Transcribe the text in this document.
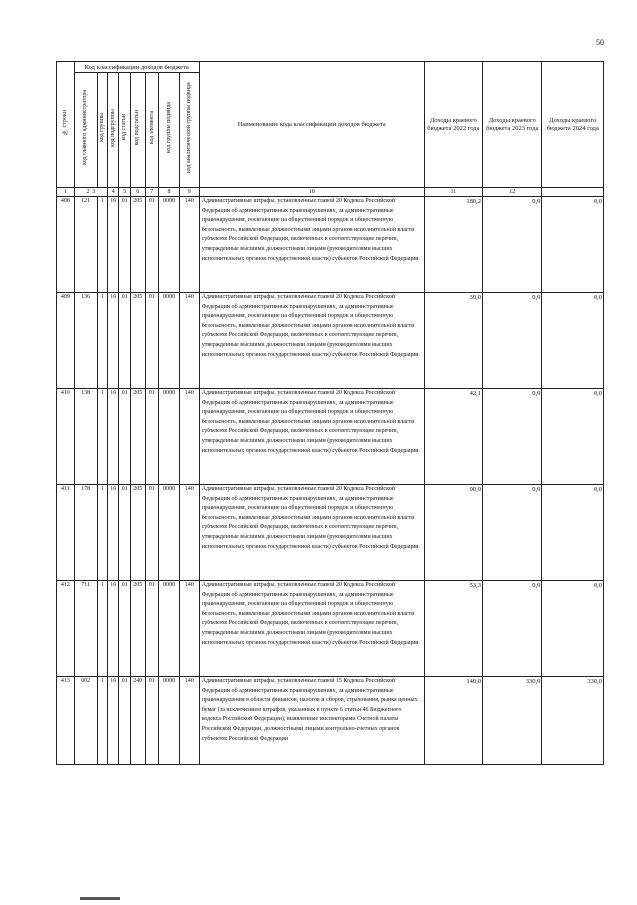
50
№ строки	Код классификации доходов бюджета								Наименование кода классификации доходов бюджета	Доходы краевого бюджета 2022 года	Доходы краевого бюджета 2023 года	Доходы краевого бюджета 2024 года
	код главного администратора	код группы	код подгруппы	код статьи	код подстатьи	код элемента	код группы подвида	код аналитической группы подвида				
1	2 3		4	5	6	7	8	9	10	11	12	
408	121	1	16	01	205	01	0000	140	Административные штрафы, установленные главой 20 Кодекса Российской Федерации об административных правонарушениях, за административные правонарушения, посягающие на общественный порядок и общественную безопасность, выявленные должностными лицами органов исполнительной власти субъектов Российской Федерации, включенных в соответствующие перечни, утвержденные высшими должностными лицами (руководителями высших исполнительных органов государственной власти) субъектов Российской Федерации	180,2	0,0	0,0
409	136	1	16	01	205	01	0000	140	Административные штрафы, установленные главой 20 Кодекса Российской Федерации об административных правонарушениях, за административные правонарушения, посягающие на общественный порядок и общественную безопасность, выявленные должностными лицами органов исполнительной власти субъектов Российской Федерации, включенных в соответствующие перечни, утвержденные высшими должностными лицами (руководителями высших исполнительных органов государственной власти) субъектов Российской Федерации	30,0	0,0	0,0
410	138	1	16	01	205	01	0000	140	Административные штрафы, установленные главой 20 Кодекса Российской Федерации об административных правонарушениях, за административные правонарушения, посягающие на общественный порядок и общественную безопасность, выявленные должностными лицами органов исполнительной власти субъектов Российской Федерации, включенных в соответствующие перечни, утвержденные высшими должностными лицами (руководителями высших исполнительных органов государственной власти) субъектов Российской Федерации	42,1	0,0	0,0
411	178	1	16	01	205	01	0000	140	Административные штрафы, установленные главой 20 Кодекса Российской Федерации об административных правонарушениях, за административные правонарушения, посягающие на общественный порядок и общественную безопасность, выявленные должностными лицами органов исполнительной власти субъектов Российской Федерации, включенных в соответствующие перечни, утвержденные высшими должностными лицами (руководителями высших исполнительных органов государственной власти) субъектов Российской Федерации	90,0	0,0	0,0
412	711	1	16	01	205	01	0000	140	Административные штрафы, установленные главой 20 Кодекса Российской Федерации об административных правонарушениях, за административные правонарушения, посягающие на общественный порядок и общественную безопасность, выявленные должностными лицами органов исполнительной власти субъектов Российской Федерации, включенных в соответствующие перечни, утвержденные высшими должностными лицами (руководителями высших исполнительных органов государственной власти) субъектов Российской Федерации	53,3	0,0	0,0
413	002	1	16	01	240	01	0000	140	Административные штрафы, установленные главой 15 Кодекса Российской Федерации об административных правонарушениях, за административные правонарушения в области финансов, налогов и сборов, страхования, рынка ценных бумаг (за исключением штрафов, указанных в пункте 6 статьи 46 Бюджетного кодекса Российской Федерации), выявленные инспекторами Счетной палаты Российской Федерации, должностными лицами контрольно-счетных органов субъектов Российской Федерации	140,0	330,0	330,0
